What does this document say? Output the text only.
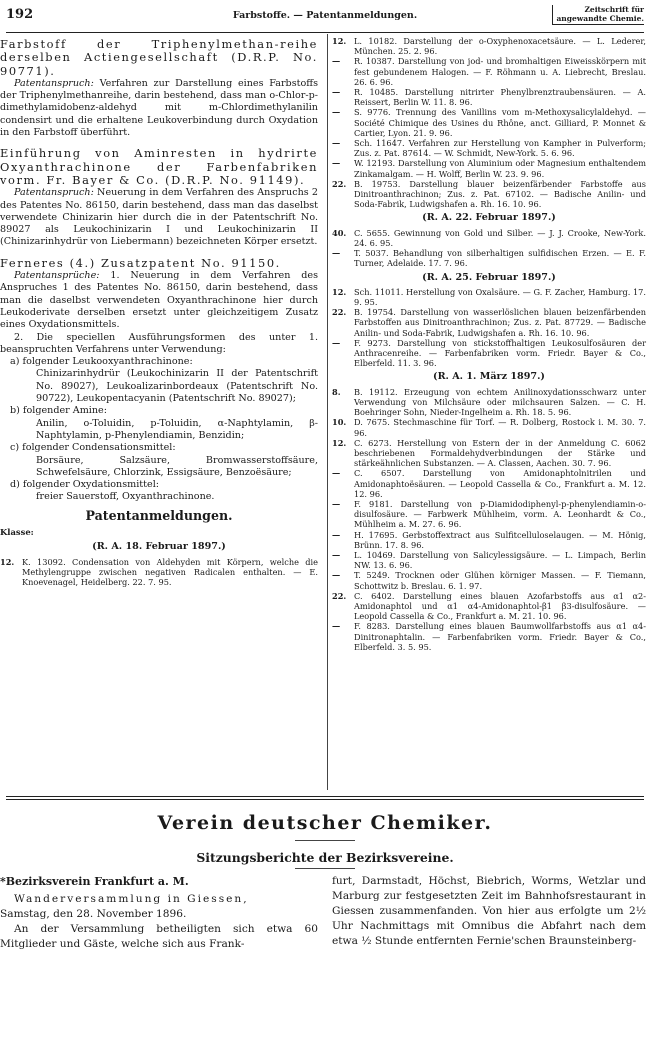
192	Farbstoffe. — Patentanmeldungen.
Zeitschrift für
angewandte Chemie.

Farbstoff der Triphenylmethan-reihe derselben Actiengesellschaft (D.R.P. No. 90771).

Patentanspruch: Verfahren zur Darstellung eines Farbstoffs der Triphenylmethanreihe, darin bestehend, dass man o-Chlor-p-dimethylamidobenz-aldehyd mit m-Chlordimethylanilin condensirt und die erhaltene Leukoverbindung durch Oxydation in den Farbstoff überführt.

Einführung von Aminresten in hydrirte Oxyanthrachinone der Farbenfabriken vorm. Fr. Bayer & Co. (D.R.P. No. 91149).

Patentanspruch: Neuerung in dem Verfahren des Anspruchs 2 des Patentes No. 86150, darin bestehend, dass man das daselbst verwendete Chinizarin hier durch die in der Patentschrift No. 89027 als Leukochinizarin I und Leukochinizarin II (Chinizarinhydrür von Liebermann) bezeichneten Körper ersetzt.

Ferneres (4.) Zusatzpatent No. 91150.

Patentansprüche: 1. Neuerung in dem Verfahren des Anspruches 1 des Patentes No. 86150, darin bestehend, dass man die daselbst verwendeten Oxyanthrachinone hier durch Leukoderivate derselben ersetzt unter gleichzeitigem Zusatz eines Oxydationsmittels.

2. Die speciellen Ausführungsformen des unter 1. beanspruchten Verfahrens unter Verwendung:

a) folgender Leukooxyanthrachinone:

Chinizarinhydrür (Leukochinizarin II der Patentschrift No. 89027), Leukoalizarinbordeaux (Patentschrift No. 90722), Leukopentacyanin (Patentschrift No. 89027);

b) folgender Amine:

Anilin, o-Toluidin, p-Toluidin, α-Naphtylamin, β-Naphtylamin, p-Phenylendiamin, Benzidin;

c) folgender Condensationsmittel:

Borsäure, Salzsäure, Bromwasserstoffsäure, Schwefelsäure, Chlorzink, Essigsäure, Benzoësäure;

d) folgender Oxydationsmittel:

freier Sauerstoff, Oxyanthrachinone.

Patentanmeldungen.
Klasse:
(R. A. 18. Februar 1897.)
12. K. 13092. Condensation von Aldehyden mit Körpern, welche die Methylengruppe zwischen negativen Radicalen enthalten. — E. Knoevenagel, Heidelberg. 22. 7. 95.
12. L. 10182. Darstellung der o-Oxyphenoxacetsäure. — L. Lederer, München. 25. 2. 96.
—	R. 10387. Darstellung von jod- und bromhaltigen Eiweisskörpern mit fest gebundenem Halogen. — F. Röhmann u. A. Liebrecht, Breslau. 26. 6. 96.
—	R. 10485. Darstellung nitrirter Phenylbrenztraubensäuren. — A. Reissert, Berlin W. 11. 8. 96.
—	S. 9776. Trennung des Vanillins vom m-Methoxysalicylaldehyd. — Société Chimique des Usines du Rhône, anct. Gilliard, P. Monnet & Cartier, Lyon. 21. 9. 96.
—	Sch. 11647. Verfahren zur Herstellung von Kampher in Pulverform; Zus. z. Pat. 87614. — W. Schmidt, New-York. 5. 6. 96.
—	W. 12193. Darstellung von Aluminium oder Magnesium enthaltendem Zinkamalgam. — H. Wolff, Berlin W. 23. 9. 96.
22. B. 19753. Darstellung blauer beizenfärbender Farbstoffe aus Dinitroanthrachinon; Zus. z. Pat. 67102. — Badische Anilin- und Soda-Fabrik, Ludwigshafen a. Rh. 16. 10. 96.
(R. A. 22. Februar 1897.)
40. C. 5655. Gewinnung von Gold und Silber. — J. J. Crooke, New-York. 24. 6. 95.
—	T. 5037. Behandlung von silberhaltigen sulfidischen Erzen. — E. F. Turner, Adelaide. 17. 7. 96.
(R. A. 25. Februar 1897.)
12. Sch. 11011. Herstellung von Oxalsäure. — G. F. Zacher, Hamburg. 17. 9. 95.
22. B. 19754. Darstellung von wasserlöslichen blauen beizenfärbenden Farbstoffen aus Dinitroanthrachinon; Zus. z. Pat. 87729. — Badische Anilin- und Soda-Fabrik, Ludwigshafen a. Rh. 16. 10. 96.
—	F. 9273. Darstellung von stickstoffhaltigen Leukosulfosäuren der Anthracenreihe. — Farbenfabriken vorm. Friedr. Bayer & Co., Elberfeld. 11. 3. 96.
(R. A. 1. März 1897.)
8.	B. 19112. Erzeugung von echtem Anilinoxydationsschwarz unter Verwendung von Milchsäure oder milchsauren Salzen. — C. H. Boehringer Sohn, Nieder-Ingelheim a. Rh. 18. 5. 96.
10. D. 7675. Stechmaschine für Torf. — R. Dolberg, Rostock i. M. 30. 7. 96.
12. C. 6273. Herstellung von Estern der in der Anmeldung C. 6062 beschriebenen Formaldehydverbindungen der Stärke und stärkeähnlichen Substanzen. — A. Classen, Aachen. 30. 7. 96.
—	C. 6507. Darstellung von Amidonaphtolnitrilen und Amidonaphtoësäuren. — Leopold Cassella & Co., Frankfurt a. M. 12. 12. 96.
—	F. 9181. Darstellung von p-Diamidodiphenyl-p-phenylendiamin-o-disulfosäure. — Farbwerk Mühlheim, vorm. A. Leonhardt & Co., Mühlheim a. M. 27. 6. 96.
—	H. 17695. Gerbstoffextract aus Sulfitcelluloselaugen. — M. Hönig, Brünn. 17. 8. 96.
—	L. 10469. Darstellung von Salicylessigsäure. — L. Limpach, Berlin NW. 13. 6. 96.
—	T. 5249. Trocknen oder Glühen körniger Massen. — F. Tiemann, Schottwitz b. Breslau. 6. 1. 97.
22. C. 6402. Darstellung eines blauen Azofarbstoffs aus α1 α2-Amidonaphtol und α1 α4-Amidonaphtol-β1 β3-disulfosäure. — Leopold Cassella & Co., Frankfurt a. M. 21. 10. 96.
—	F. 8283. Darstellung eines blauen Baumwollfarbstoffs aus α1 α4-Dinitronaphtalin. — Farbenfabriken vorm. Friedr. Bayer & Co., Elberfeld. 3. 5. 95.
Verein deutscher Chemiker.
Sitzungsberichte der Bezirksvereine.
*Bezirksverein Frankfurt a. M.

Wanderversammlung in Giessen,

Samstag, den 28. November 1896.

An der Versammlung betheiligten sich etwa 60 Mitglieder und Gäste, welche sich aus Frank-

furt, Darmstadt, Höchst, Biebrich, Worms, Wetzlar und Marburg zur festgesetzten Zeit im Bahnhofsrestaurant in Giessen zusammenfanden. Von hier aus erfolgte um 2½ Uhr Nachmittags mit Omnibus die Abfahrt nach dem etwa ½ Stunde entfernten Fernie'schen Braunsteinberg-
